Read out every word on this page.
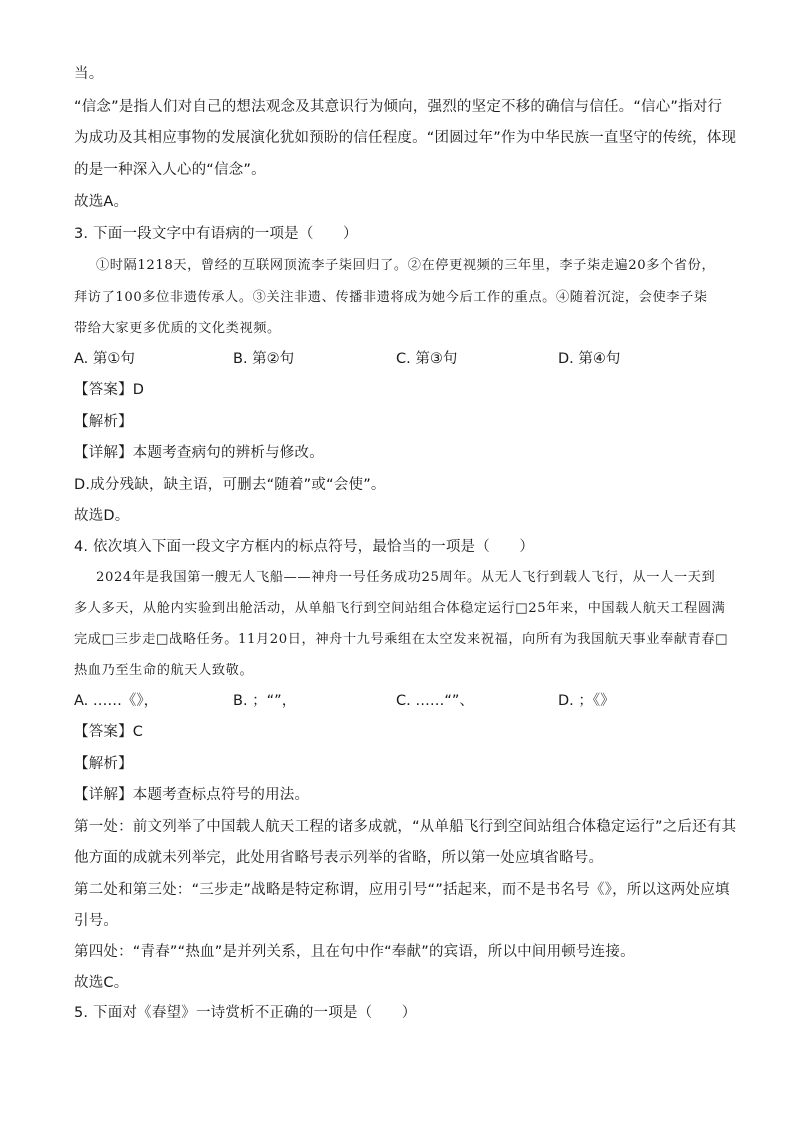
当。
“信念”是指人们对自己的想法观念及其意识行为倾向，强烈的坚定不移的确信与信任。“信心”指对行
为成功及其相应事物的发展演化犹如预盼的信任程度。“团圆过年”作为中华民族一直坚守的传统，体现
的是一种深入人心的“信念”。
故选A。
3. 下面一段文字中有语病的一项是（　　）
①时隔1218天，曾经的互联网顶流李子柒回归了。②在停更视频的三年里，李子柒走遍20多个省份，
拜访了100多位非遗传承人。③关注非遗、传播非遗将成为她今后工作的重点。④随着沉淀，会使李子柒
带给大家更多优质的文化类视频。
A. 第①句	B. 第②句	C. 第③句	D. 第④句
【答案】D
【解析】
【详解】本题考查病句的辨析与修改。
D.成分残缺，缺主语，可删去“随着”或“会使”。
故选D。
4. 依次填入下面一段文字方框内的标点符号，最恰当的一项是（　　）
2024年是我国第一艘无人飞船——神舟一号任务成功25周年。从无人飞行到载人飞行，从一人一天到
多人多天，从舱内实验到出舱活动，从单船飞行到空间站组合体稳定运行□25年来，中国载人航天工程圆满
完成□三步走□战略任务。11月20日，神舟十九号乘组在太空发来祝福，向所有为我国航天事业奉献青春□
热血乃至生命的航天人致敬。
A. ……《》，	B. ；“”，	C. ……“”、	D. ；《》
【答案】C
【解析】
【详解】本题考查标点符号的用法。
第一处：前文列举了中国载人航天工程的诸多成就，“从单船飞行到空间站组合体稳定运行”之后还有其
他方面的成就未列举完，此处用省略号表示列举的省略，所以第一处应填省略号。
第二处和第三处：“三步走”战略是特定称谓，应用引号“”括起来，而不是书名号《》，所以这两处应填
引号。
第四处：“青春”“热血”是并列关系，且在句中作“奉献”的宾语，所以中间用顿号连接。
故选C。
5. 下面对《春望》一诗赏析不正确的一项是（　　）
